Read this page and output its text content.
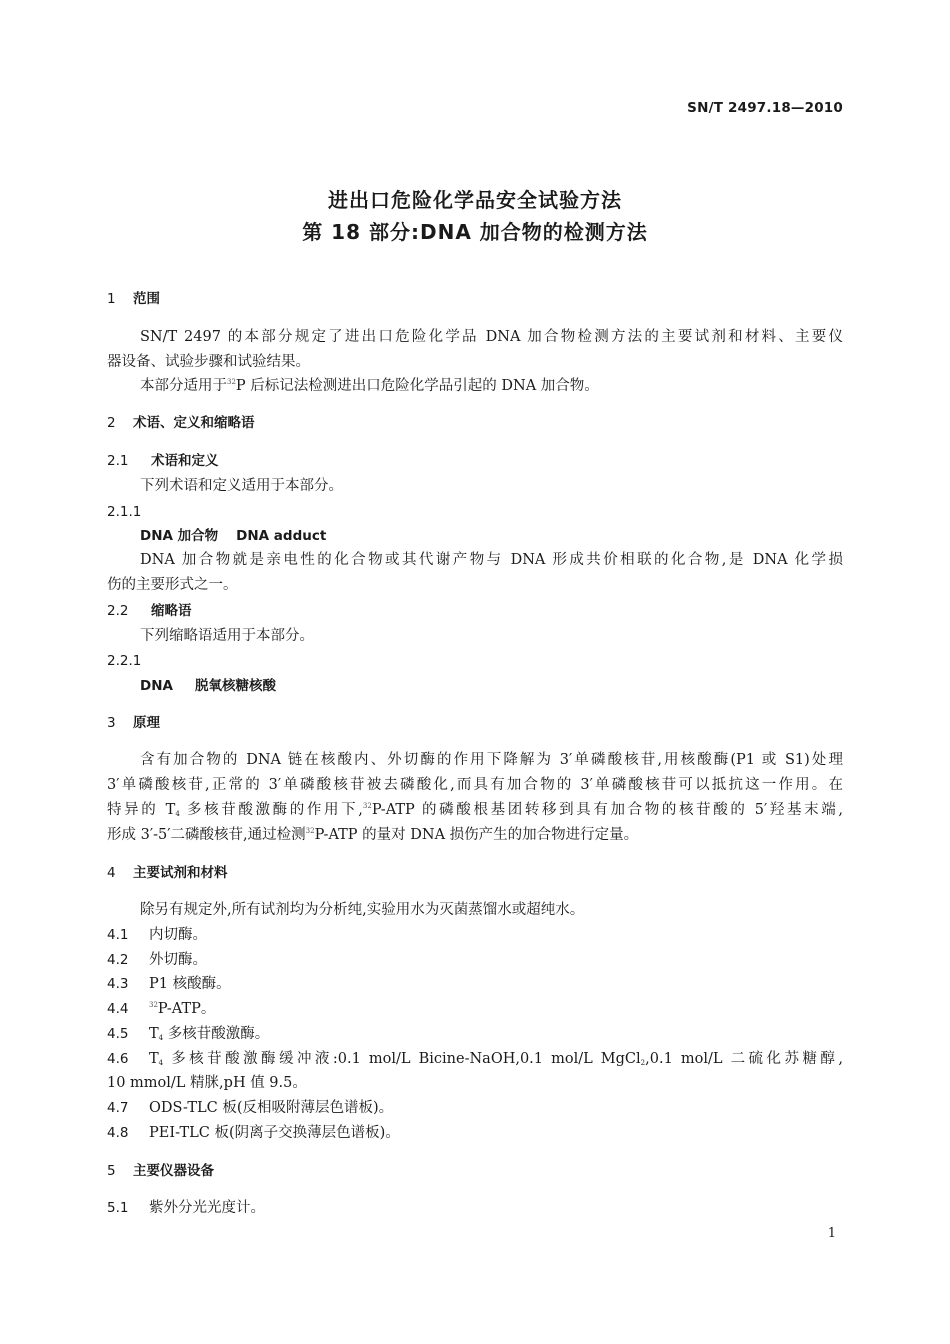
SN/T 2497.18—2010
进出口危险化学品安全试验方法
第 18 部分:DNA 加合物的检测方法
1 范围
SN/T 2497 的本部分规定了进出口危险化学品 DNA 加合物检测方法的主要试剂和材料、主要仪
器设备、试验步骤和试验结果。
本部分适用于$^{32}$P 后标记法检测进出口危险化学品引起的 DNA 加合物。
2 术语、定义和缩略语
2.1 术语和定义
下列术语和定义适用于本部分。
2.1.1
DNA 加合物 DNA adduct
DNA 加合物就是亲电性的化合物或其代谢产物与 DNA 形成共价相联的化合物,是 DNA 化学损
伤的主要形式之一。
2.2 缩略语
下列缩略语适用于本部分。
2.2.1
DNA 脱氧核糖核酸
3 原理
含有加合物的 DNA 链在核酸内、外切酶的作用下降解为 3′单磷酸核苷,用核酸酶(P1 或 S1)处理
3′单磷酸核苷,正常的 3′单磷酸核苷被去磷酸化,而具有加合物的 3′单磷酸核苷可以抵抗这一作用。在
特异的 $T_4$ 多核苷酸激酶的作用下,$^{32}$P-ATP 的磷酸根基团转移到具有加合物的核苷酸的 5′羟基末端,
形成 3′-5′二磷酸核苷,通过检测$^{32}$P-ATP 的量对 DNA 损伤产生的加合物进行定量。
4 主要试剂和材料
除另有规定外,所有试剂均为分析纯,实验用水为灭菌蒸馏水或超纯水。
4.1 内切酶。
4.2 外切酶。
4.3 P1 核酸酶。
4.4	$^{32}$P-ATP。
4.5 $T_4$ 多核苷酸激酶。
4.6 $T_4$ 多核苷酸激酶缓冲液:0.1 mol/L Bicine-NaOH,0.1 mol/L MgCl$_2$,0.1 mol/L 二硫化苏糖醇,
10 mmol/L 精脒,pH 值 9.5。
4.7 ODS-TLC 板(反相吸附薄层色谱板)。
4.8 PEI-TLC 板(阴离子交换薄层色谱板)。
5 主要仪器设备
5.1 紫外分光光度计。
1
